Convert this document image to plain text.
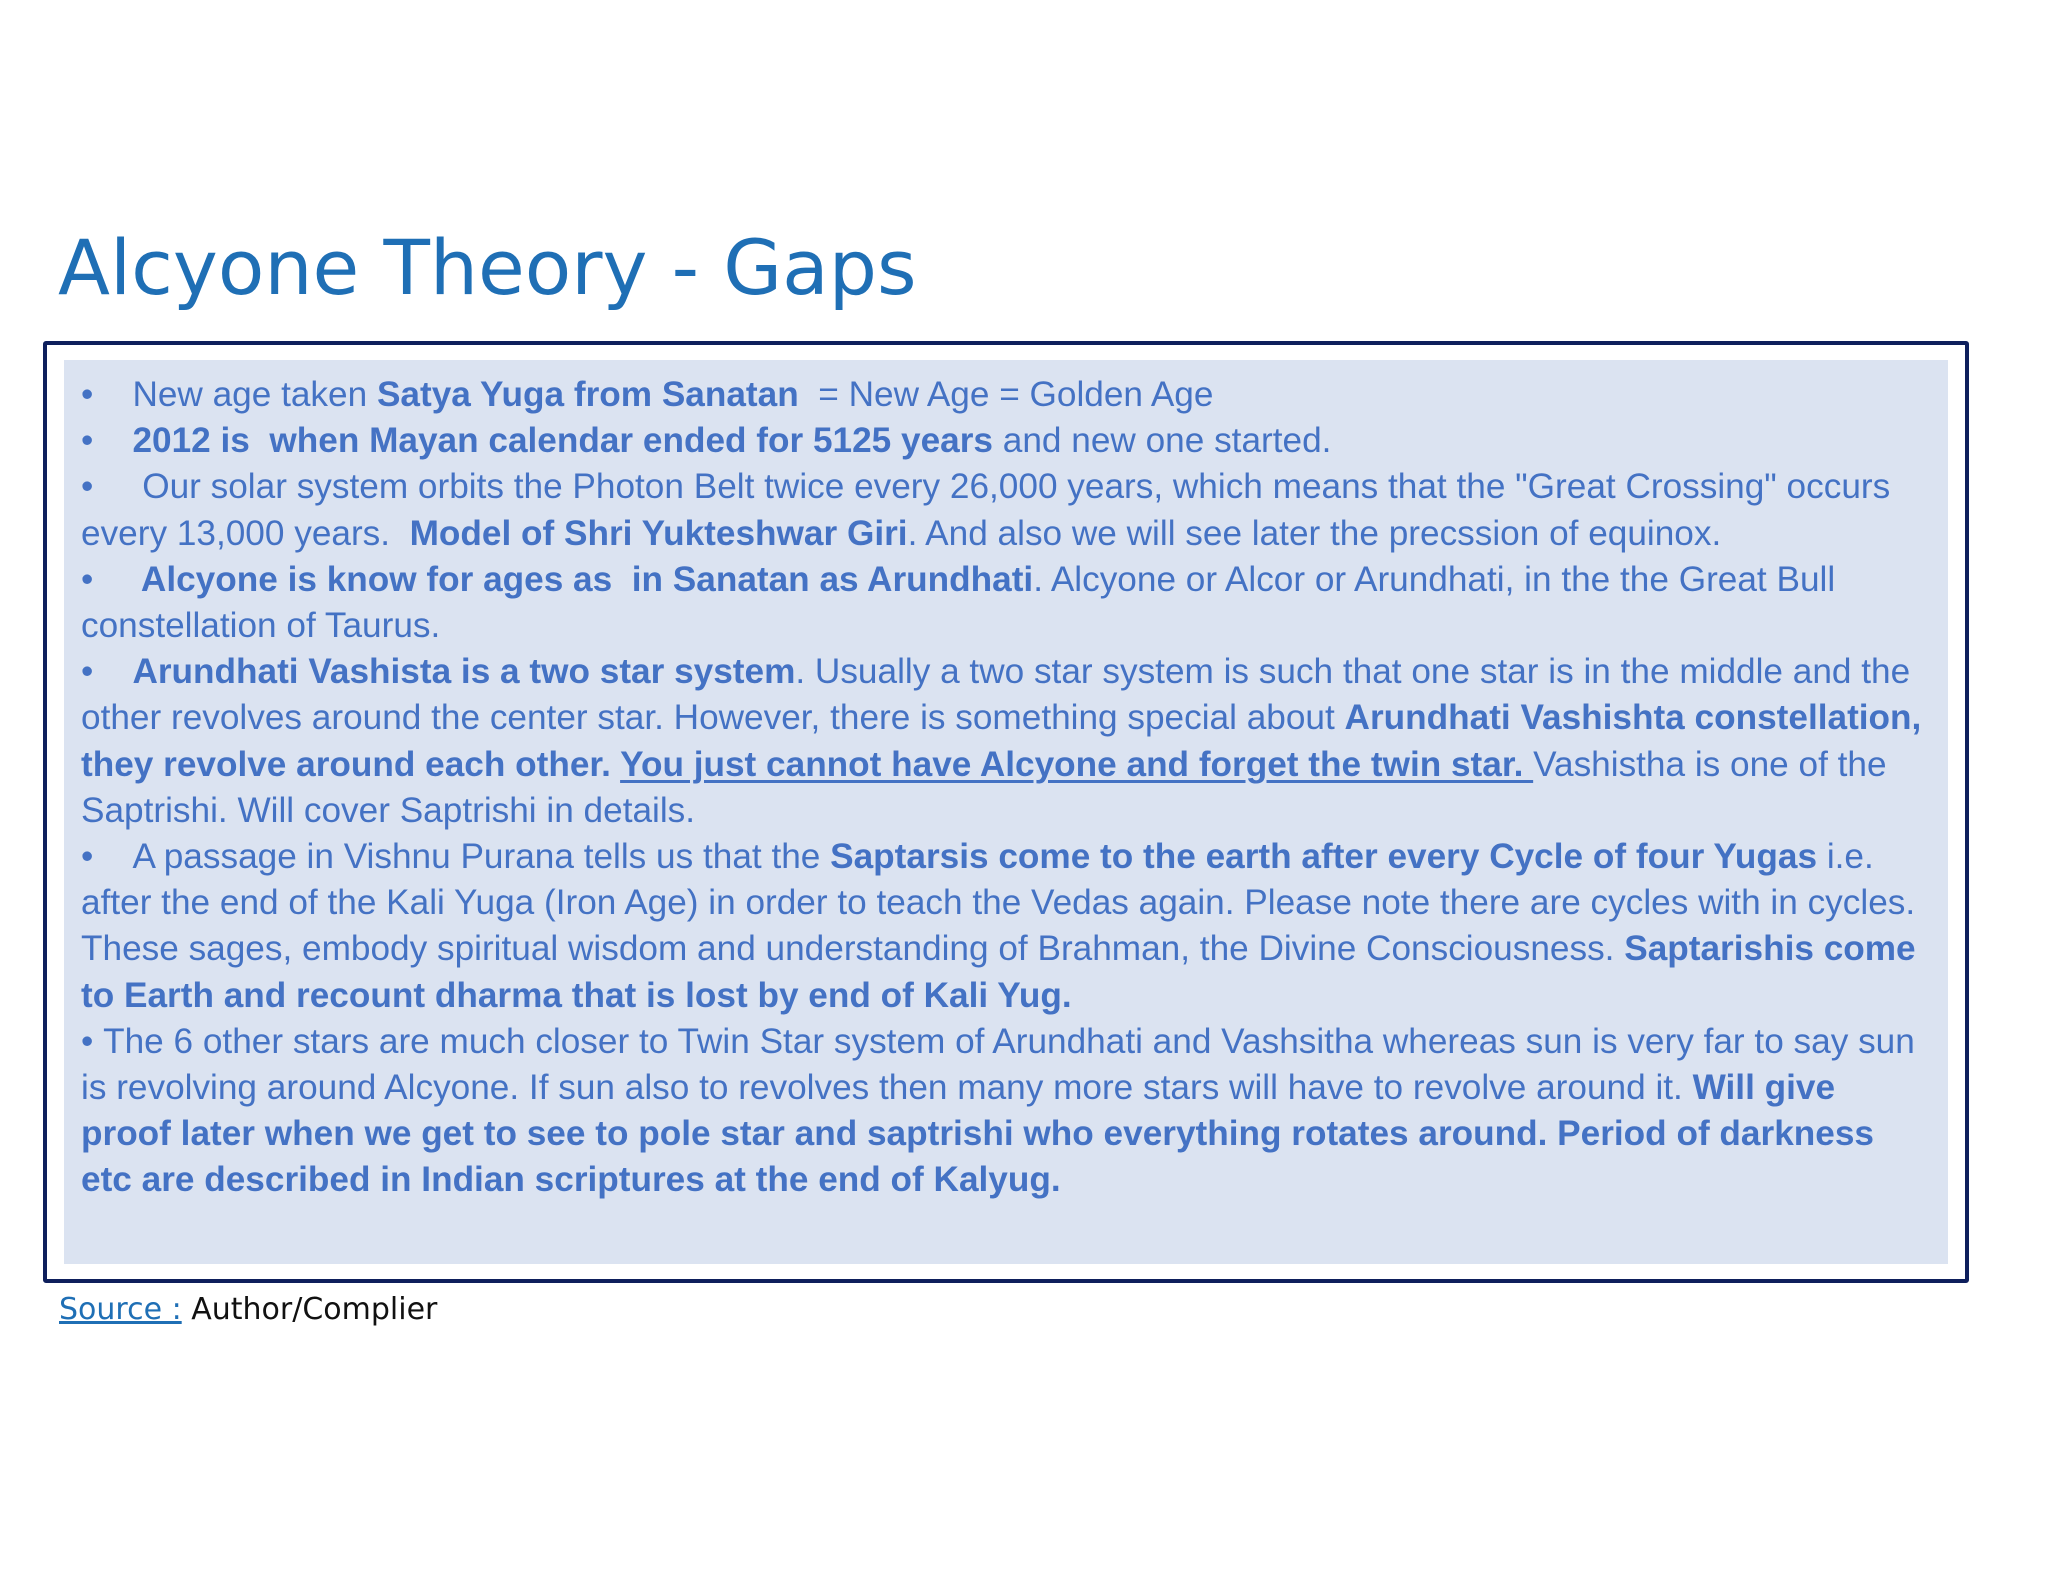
Alcyone Theory - Gaps

• New age taken Satya Yuga from Sanatan  = New Age = Golden Age

• 2012 is  when Mayan calendar ended for 5125 years and new one started.

•     Our solar system orbits the Photon Belt twice every 26,000 years, which means that the "Great Crossing" occurs every 13,000 years.  Model of Shri Yukteshwar Giri. And also we will see later the precssion of equinox.

•     Alcyone is know for ages as  in Sanatan as Arundhati. Alcyone or Alcor or Arundhati, in the the Great Bull constellation of Taurus.

• Arundhati Vashista is a two star system. Usually a two star system is such that one star is in the middle and the other revolves around the center star. However, there is something special about Arundhati Vashishta constellation, they revolve around each other. You just cannot have Alcyone and forget the twin star. Vashistha is one of the Saptrishi. Will cover Saptrishi in details.

• A passage in Vishnu Purana tells us that the Saptarsis come to the earth after every Cycle of four Yugas i.e. after the end of the Kali Yuga (Iron Age) in order to teach the Vedas again. Please note there are cycles with in cycles. These sages, embody spiritual wisdom and understanding of Brahman, the Divine Consciousness. Saptarishis come to Earth and recount dharma that is lost by end of Kali Yug.

• The 6 other stars are much closer to Twin Star system of Arundhati and Vashsitha whereas sun is very far to say sun is revolving around Alcyone. If sun also to revolves then many more stars will have to revolve around it. Will give proof later when we get to see to pole star and saptrishi who everything rotates around. Period of darkness etc are described in Indian scriptures at the end of Kalyug.

Source : Author/Complier
